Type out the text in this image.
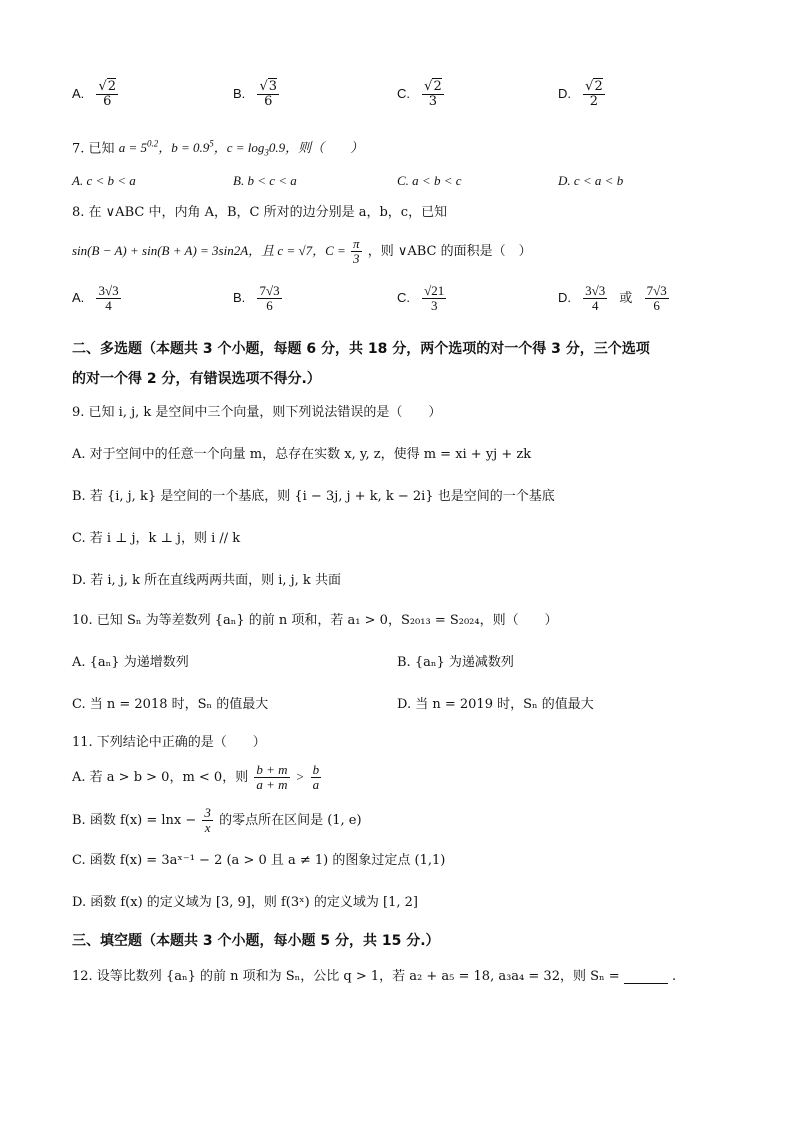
A. $\frac{√2}{6}$	B. $\frac{√3}{6}$	C. $\frac{√2}{3}$	D. $\frac{√2}{2}$
7. 已知 $a = 5^{0.2}$，$b = 0.9^5$，$c = \log_30.9$，则（　　）
A. c < b < a	B. b < c < a	C. a < b < c	D. c < a < b
8. 在 ∨ABC 中，内角 A，B，C 所对的边分别是 a，b，c，已知
sin(B − A) + sin(B + A) = 3sin2A，且 c = √7，$C = \frac{\pi}{3}$ ，则 ∨ABC 的面积是（　）
A. $\frac{3√3}{4}$	B. $\frac{7√3}{6}$	C. $\frac{√21}{3}$	D. $\frac{3√3}{4}$ 或 $\frac{7√3}{6}$
二、多选题（本题共 3 个小题，每题 6 分，共 18 分，两个选项的对一个得 3 分，三个选项
的对一个得 2 分，有错误选项不得分.）
9. 已知 i, j, k 是空间中三个向量，则下列说法错误的是（　　）
A. 对于空间中的任意一个向量 m，总存在实数 x, y, z，使得 m = xi + yj + zk
B. 若 {i, j, k} 是空间的一个基底，则 {i − 3j, j + k, k − 2i} 也是空间的一个基底
C. 若 i ⊥ j，k ⊥ j，则 i // k
D. 若 i, j, k 所在直线两两共面，则 i, j, k 共面
10. 已知 Sₙ 为等差数列 {aₙ} 的前 n 项和，若 a₁ > 0，S₂₀₁₃ = S₂₀₂₄，则（　　）
A. {aₙ} 为递增数列	B. {aₙ} 为递减数列
C. 当 n = 2018 时，Sₙ 的值最大	D. 当 n = 2019 时，Sₙ 的值最大
11. 下列结论中正确的是（　　）
A. 若 a > b > 0，m < 0，则 $\frac{b + m}{a + m} > \frac{b}{a}$
B. 函数 $f(x) = \ln x - \frac{3}{x}$ 的零点所在区间是 (1, e)
C. 函数 f(x) = 3aˣ⁻¹ − 2 (a > 0 且 a ≠ 1) 的图象过定点 (1,1)
D. 函数 f(x) 的定义域为 [3, 9]，则 f(3ˣ) 的定义域为 [1, 2]
三、填空题（本题共 3 个小题，每小题 5 分，共 15 分.）
12. 设等比数列 {aₙ} 的前 n 项和为 Sₙ，公比 q > 1，若 a₂ + a₅ = 18, a₃a₄ = 32，则 Sₙ =	.
